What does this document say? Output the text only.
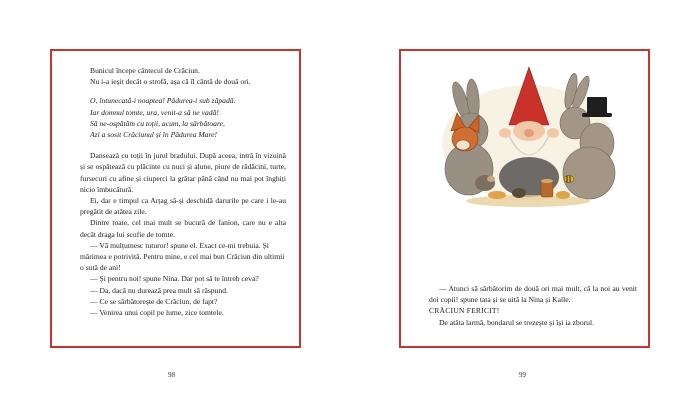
Bunicul începe cântecul de Crăciun.

Nu i-a ieșit decât o strofă, așa că îl cântă de două ori.

O, întunecată-i noaptea! Pădurea-i sub zăpadă.
Iar domnul tomte, ura, venit-a să ne vadă!
Să ne-ospătăm cu toții, acum, la sărbătoare,
Azi a sosit Crăciunul și în Pădurea Mare!

Dansează cu toții în jurul bradului. După aceea, intră în vizuină și se ospătează cu plăcinte cu nuci și alune, piure de rădăcini, turte, fursecuri cu afine și ciuperci la grătar până când nu mai pot înghiți nicio îmbucătură.

Ei, dar e timpul ca Arțag să-și deschidă darurile pe care i le-au pregătit de atâtea zile.

Dintre toate, cel mai mult se bucură de fanion, care nu e alta decât draga lui scufie de tomte.

— Vă mulțumesc tuturor! spune el. Exact ce-mi trebuia. Și mărimea e potrivită. Pentru mine, e cel mai bun Crăciun din ultimii o sută de ani!

— Și pentru noi! spune Nina. Dar pot să te întreb ceva?

— Da, dacă nu durează prea mult să răspund.

— Ce se sărbătorește de Crăciun, de fapt?

— Venirea unui copil pe lume, zice tomtele.

— Atunci să sărbătorim de două ori mai mult, că la noi au venit doi copii! spune tata și se uită la Nina și Kalle.

CRĂCIUN FERICIT!

De atâta larmă, bondarul se trezește și își ia zborul.

98	99
